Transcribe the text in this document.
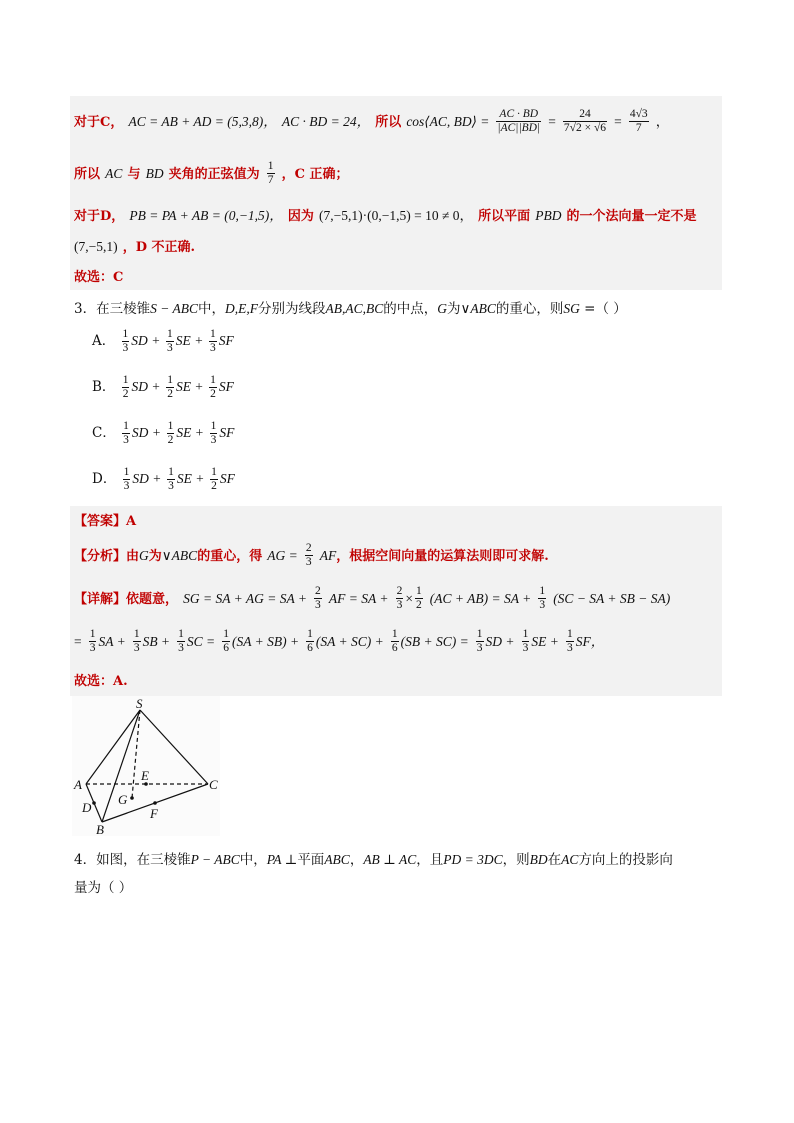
对于C， AC = AB + AD = (5,3,8)， AC · BD = 24， 所以 cos⟨AC, BD⟩ = $\frac{AC \cdot BD}{|AC||BD|} = \frac{24}{7√2 \times √6} = \frac{4√3}{7}$ ，
所以 AC 与 BD 夹角的正弦值为 $\frac{1}{7}$ ，C 正确；
对于D， PB = PA + AB = (0,−1,5)， 因为 (7,−5,1)·(0,−1,5) = 10 ≠ 0， 所以平面 PBD 的一个法向量一定不是
(7,−5,1) ，D 不正确.
故选：C
3．在三棱锥S − ABC中，D,E,F分别为线段AB,AC,BC的中点，G为∨ABC的重心，则SG =（ ）
A． $\frac{1}{3}$ SD + $\frac{1}{3}$ SE + $\frac{1}{3}$ SF
B． $\frac{1}{2}$ SD + $\frac{1}{2}$ SE + $\frac{1}{2}$ SF
C． $\frac{1}{3}$ SD + $\frac{1}{2}$ SE + $\frac{1}{3}$ SF
D． $\frac{1}{3}$ SD + $\frac{1}{3}$ SE + $\frac{1}{2}$ SF
【答案】A
【分析】由G为∨ABC的重心，得 AG = $\frac{2}{3}$ AF，根据空间向量的运算法则即可求解.
【详解】依题意， SG = SA + AG = SA + $\frac{2}{3}$ AF = SA + $\frac{2}{3} \times \frac{1}{2} (AC + AB)$ = SA + $\frac{1}{3} (SC$ − SA + SB − SA)
= $\frac{1}{3}$ SA + $\frac{1}{3}$ SB + $\frac{1}{3}$ SC = $\frac{1}{6} (SA + SB) + \frac{1}{6} (SA + SC) + \frac{1}{6} (SB + SC) = \frac{1}{3}$ SD + $\frac{1}{3}$ SE + $\frac{1}{3}$ SF，
故选：A.
S
A	C
B
D
E
F
G
4．如图，在三棱锥P − ABC中，PA ⊥平面ABC，AB ⊥ AC，且PD = 3DC，则BD在AC方向上的投影向
量为（ ）
